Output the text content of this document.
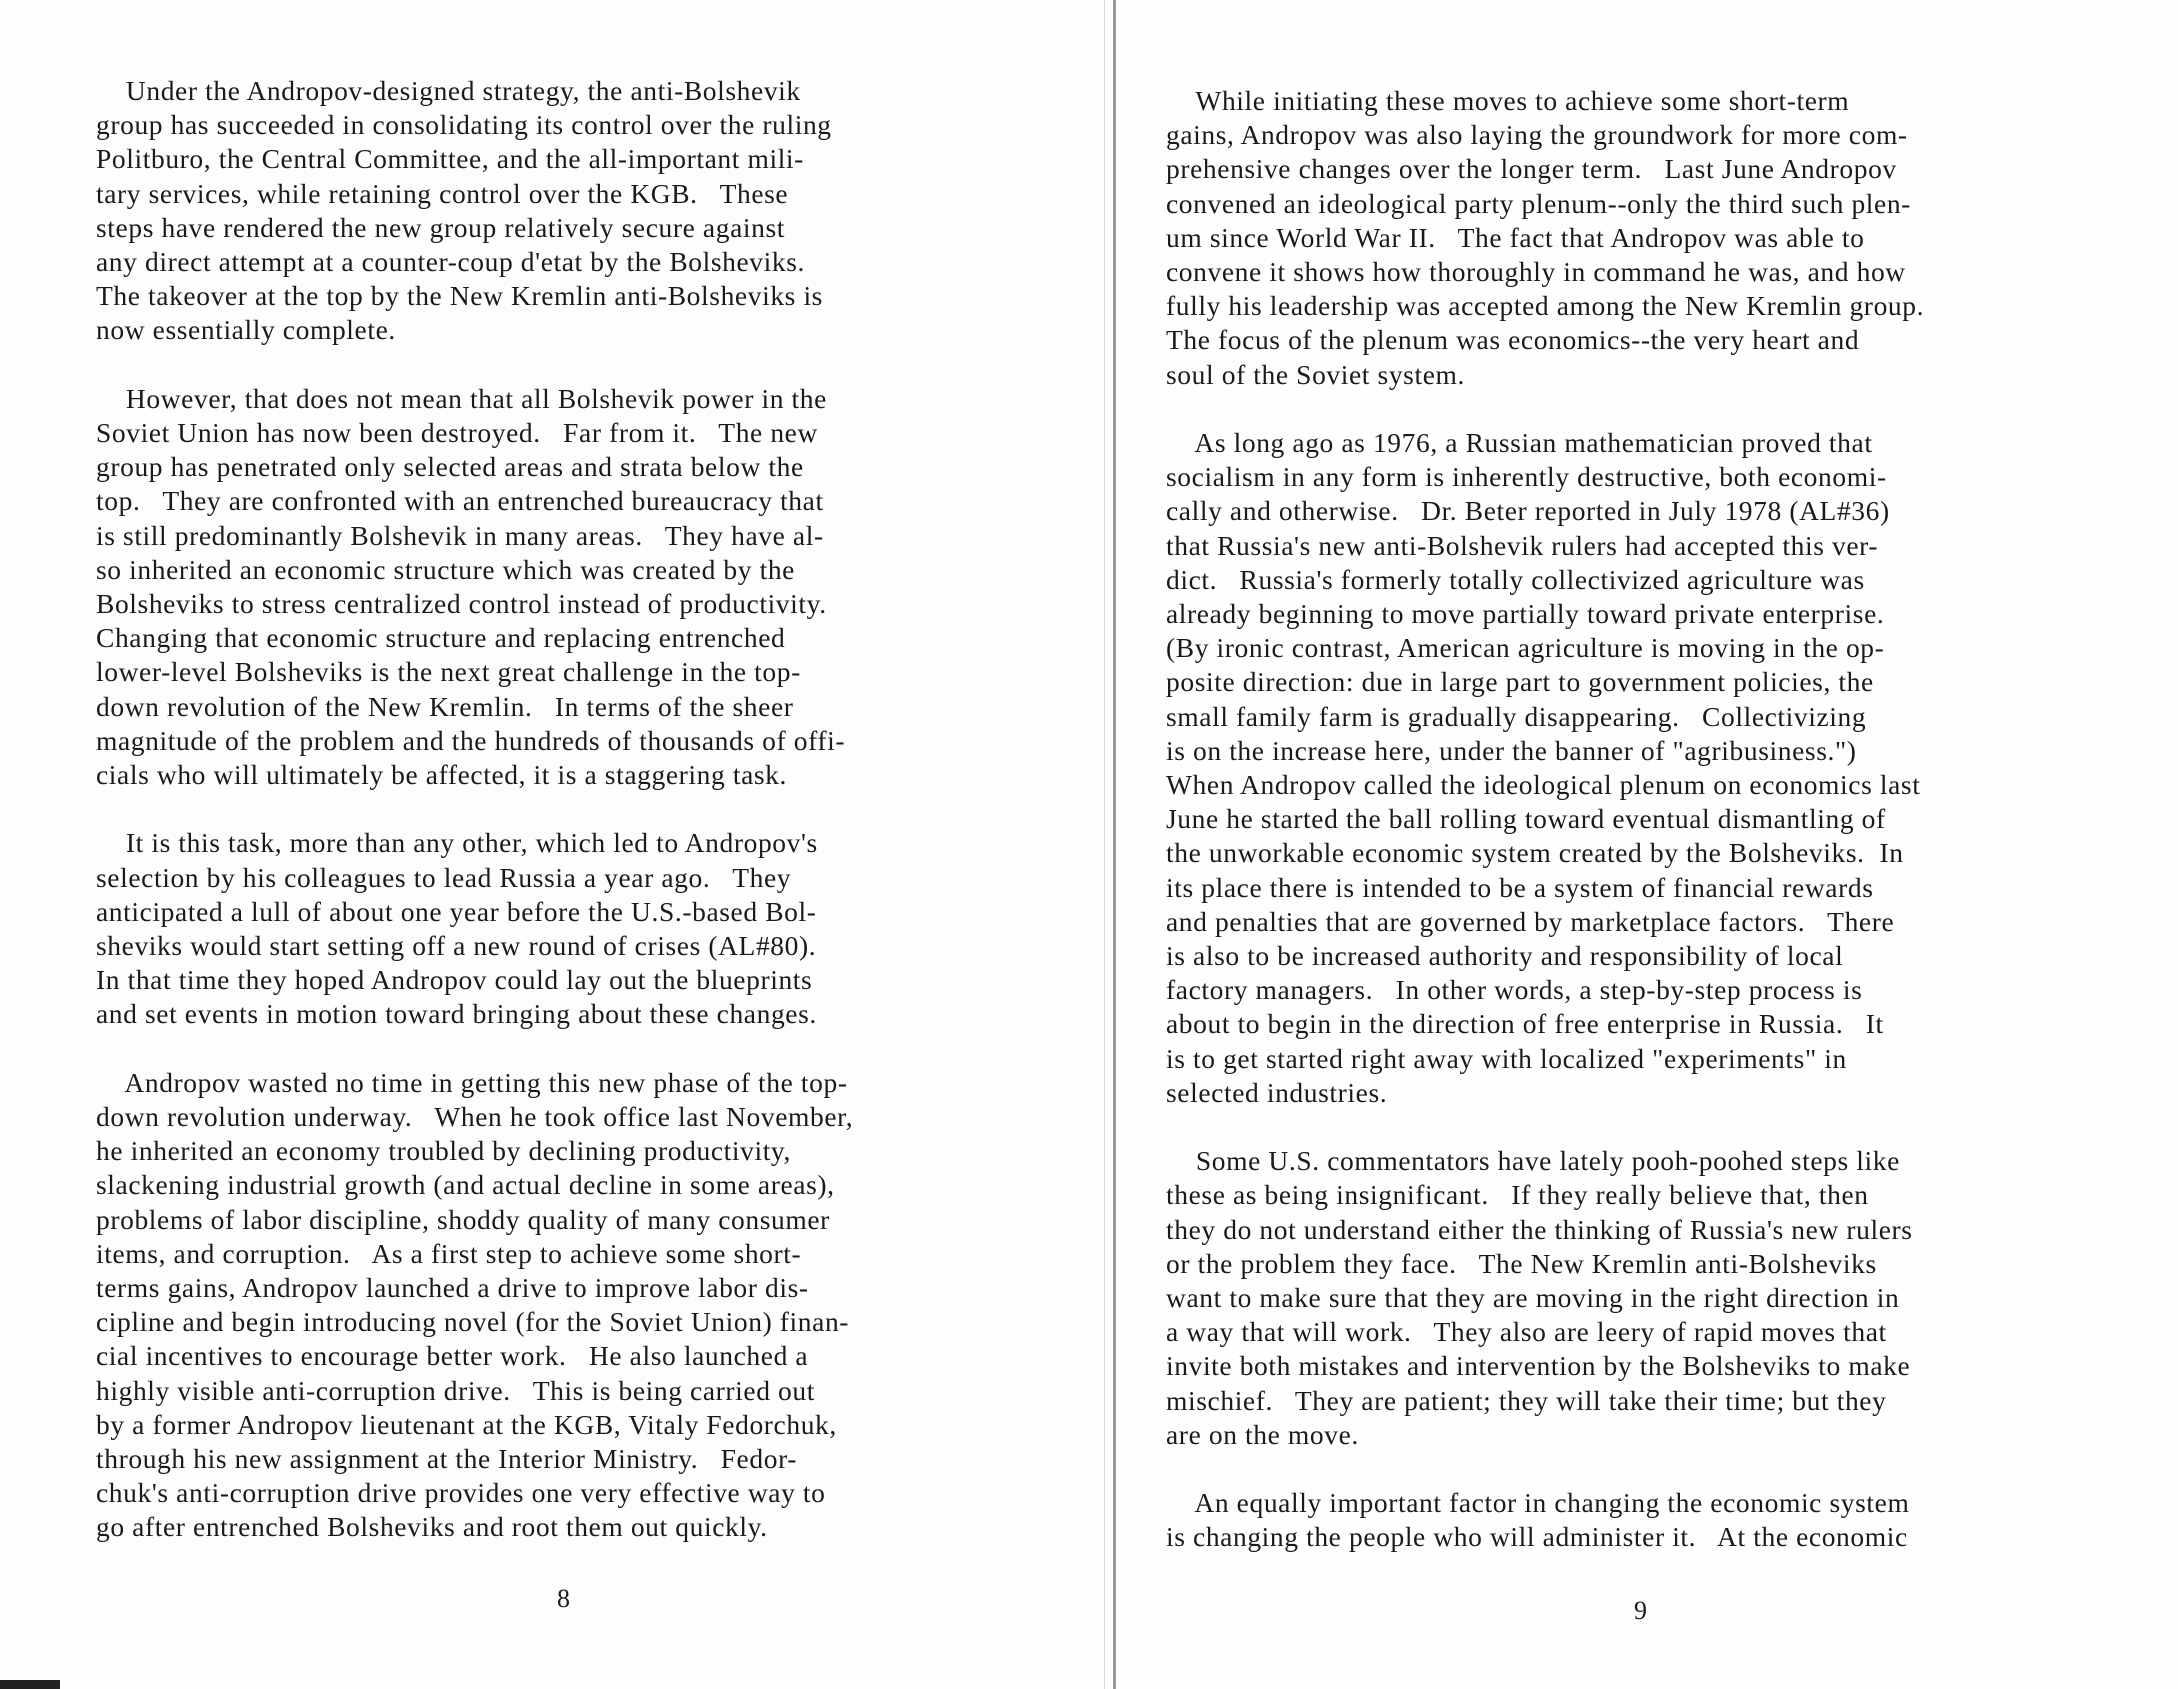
Under the Andropov-designed strategy, the anti-Bolshevik
group has succeeded in consolidating its control over the ruling
Politburo, the Central Committee, and the all-important mili-
tary services, while retaining control over the KGB.   These
steps have rendered the new group relatively secure against
any direct attempt at a counter-coup d'etat by the Bolsheviks.
The takeover at the top by the New Kremlin anti-Bolsheviks is
now essentially complete.
However, that does not mean that all Bolshevik power in the
Soviet Union has now been destroyed.   Far from it.   The new
group has penetrated only selected areas and strata below the
top.   They are confronted with an entrenched bureaucracy that
is still predominantly Bolshevik in many areas.   They have al-
so inherited an economic structure which was created by the
Bolsheviks to stress centralized control instead of productivity.
Changing that economic structure and replacing entrenched
lower-level Bolsheviks is the next great challenge in the top-
down revolution of the New Kremlin.   In terms of the sheer
magnitude of the problem and the hundreds of thousands of offi-
cials who will ultimately be affected, it is a staggering task.
It is this task, more than any other, which led to Andropov's
selection by his colleagues to lead Russia a year ago.   They
anticipated a lull of about one year before the U.S.-based Bol-
sheviks would start setting off a new round of crises (AL#80).
In that time they hoped Andropov could lay out the blueprints
and set events in motion toward bringing about these changes.
Andropov wasted no time in getting this new phase of the top-
down revolution underway.   When he took office last November,
he inherited an economy troubled by declining productivity,
slackening industrial growth (and actual decline in some areas),
problems of labor discipline, shoddy quality of many consumer
items, and corruption.   As a first step to achieve some short-
terms gains, Andropov launched a drive to improve labor dis-
cipline and begin introducing novel (for the Soviet Union) finan-
cial incentives to encourage better work.   He also launched a
highly visible anti-corruption drive.   This is being carried out
by a former Andropov lieutenant at the KGB, Vitaly Fedorchuk,
through his new assignment at the Interior Ministry.   Fedor-
chuk's anti-corruption drive provides one very effective way to
go after entrenched Bolsheviks and root them out quickly.
8
While initiating these moves to achieve some short-term
gains, Andropov was also laying the groundwork for more com-
prehensive changes over the longer term.   Last June Andropov
convened an ideological party plenum--only the third such plen-
um since World War II.   The fact that Andropov was able to
convene it shows how thoroughly in command he was, and how
fully his leadership was accepted among the New Kremlin group.
The focus of the plenum was economics--the very heart and
soul of the Soviet system.
As long ago as 1976, a Russian mathematician proved that
socialism in any form is inherently destructive, both economi-
cally and otherwise.   Dr. Beter reported in July 1978 (AL#36)
that Russia's new anti-Bolshevik rulers had accepted this ver-
dict.   Russia's formerly totally collectivized agriculture was
already beginning to move partially toward private enterprise.
(By ironic contrast, American agriculture is moving in the op-
posite direction: due in large part to government policies, the
small family farm is gradually disappearing.   Collectivizing
is on the increase here, under the banner of "agribusiness.")
When Andropov called the ideological plenum on economics last
June he started the ball rolling toward eventual dismantling of
the unworkable economic system created by the Bolsheviks.  In
its place there is intended to be a system of financial rewards
and penalties that are governed by marketplace factors.   There
is also to be increased authority and responsibility of local
factory managers.   In other words, a step-by-step process is
about to begin in the direction of free enterprise in Russia.   It
is to get started right away with localized "experiments" in
selected industries.
Some U.S. commentators have lately pooh-poohed steps like
these as being insignificant.   If they really believe that, then
they do not understand either the thinking of Russia's new rulers
or the problem they face.   The New Kremlin anti-Bolsheviks
want to make sure that they are moving in the right direction in
a way that will work.   They also are leery of rapid moves that
invite both mistakes and intervention by the Bolsheviks to make
mischief.   They are patient; they will take their time; but they
are on the move.
An equally important factor in changing the economic system
is changing the people who will administer it.   At the economic
9
